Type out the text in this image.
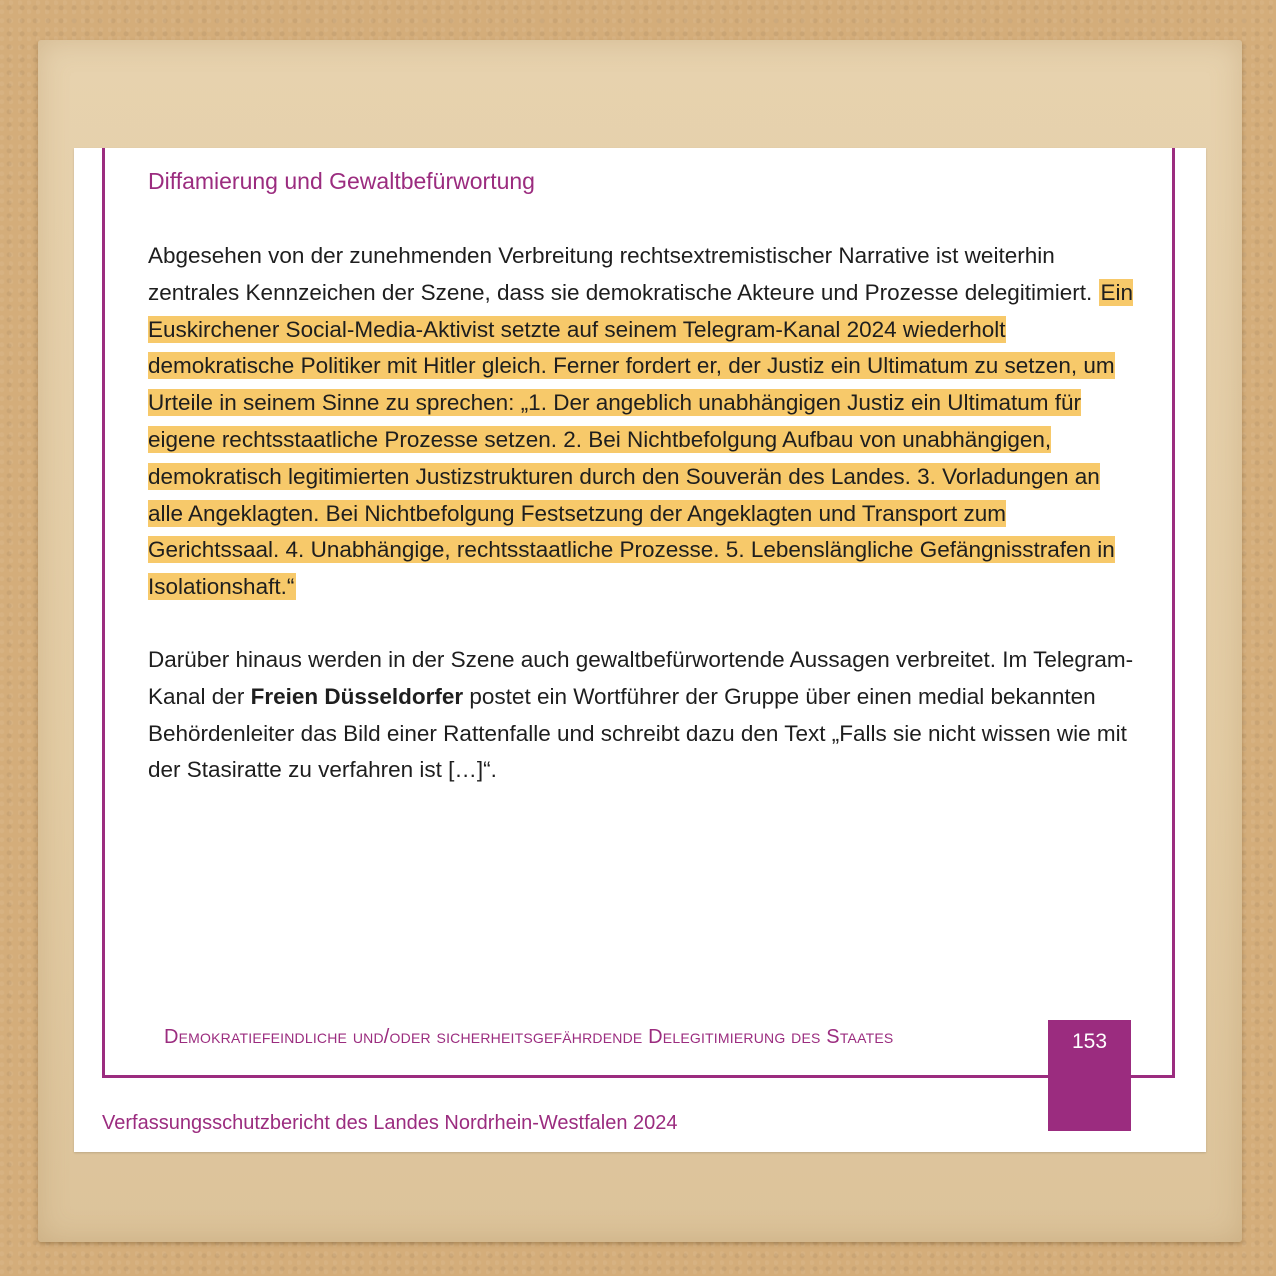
Diffamierung und Gewaltbefürwortung

Abgesehen von der zunehmenden Verbreitung rechtsextremistischer Narrative ist weiterhin zentrales Kennzeichen der Szene, dass sie demokratische Akteure und Prozesse delegitimiert. Ein Euskirchener Social-Media-Aktivist setzte auf seinem Telegram-Kanal 2024 wiederholt demokratische Politiker mit Hitler gleich. Ferner fordert er, der Justiz ein Ultimatum zu setzen, um Urteile in seinem Sinne zu sprechen: „1. Der angeblich unabhängigen Justiz ein Ultimatum für eigene rechtsstaatliche Prozesse setzen. 2. Bei Nichtbefolgung Aufbau von unabhängigen, demokratisch legitimierten Justizstrukturen durch den Souverän des Landes. 3. Vorladungen an alle Angeklagten. Bei Nichtbefolgung Festsetzung der Angeklagten und Transport zum Gerichtssaal. 4. Unabhängige, rechtsstaatliche Prozesse. 5. Lebenslängliche Gefängnisstrafen in Isolationshaft.“

Darüber hinaus werden in der Szene auch gewaltbefürwortende Aussagen verbreitet. Im Telegram-Kanal der Freien Düsseldorfer postet ein Wortführer der Gruppe über einen medial bekannten Behördenleiter das Bild einer Rattenfalle und schreibt dazu den Text „Falls sie nicht wissen wie mit der Stasiratte zu verfahren ist […]“.

Demokratiefeindliche und/oder sicherheitsgefährdende Delegitimierung des Staates	153
Verfassungsschutzbericht des Landes Nordrhein-Westfalen 2024
